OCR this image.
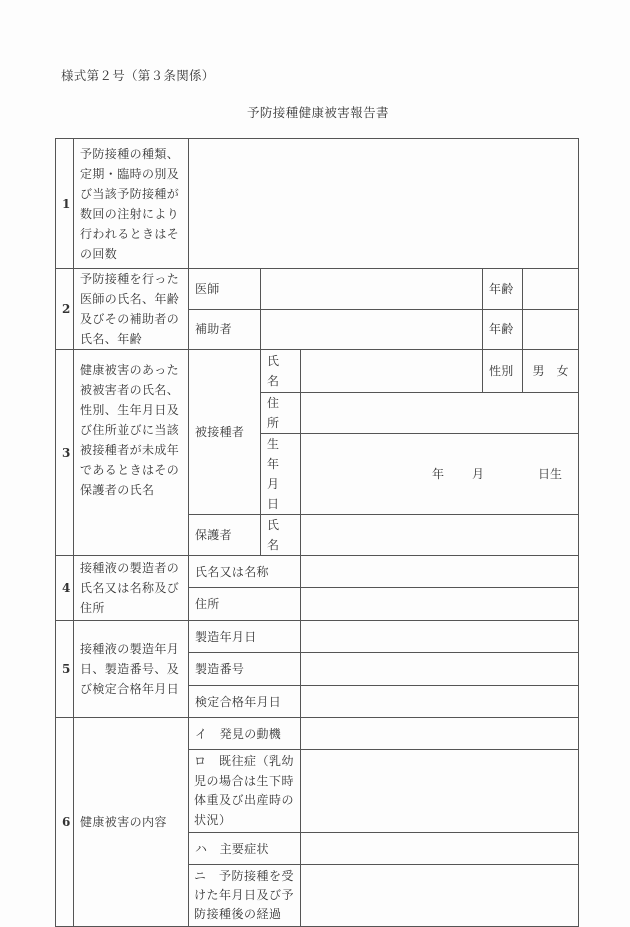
様式第２号（第３条関係）
予防接種健康被害報告書
1	予防接種の種類、定期・臨時の別及び当該予防接種が数回の注射により行われるときはその回数					
2	予防接種を行った医師の氏名、年齢及びその補助者の氏名、年齢	医師			年齢	
		補助者			年齢	
3	健康被害のあった被被害者の氏名、性別、生年月日及び住所並びに当該被接種者が未成年であるときはその保護者の氏名	被接種者	氏名		性別	男　女
			住所			
			生 年 月日	年 月 日生		

		保護者	氏名			
4	接種液の製造者の氏名又は名称及び住所	氏名又は名称				
		住所				
5	接種液の製造年月日、製造番号、及び検定合格年月日	製造年月日				
		製造番号				
		検定合格年月日				
6	健康被害の内容	イ　発見の動機				
		ロ　既往症（乳幼児の場合は生下時体重及び出産時の状況）				
		ハ　主要症状				
		ニ　予防接種を受けた年月日及び予防接種後の経過				
